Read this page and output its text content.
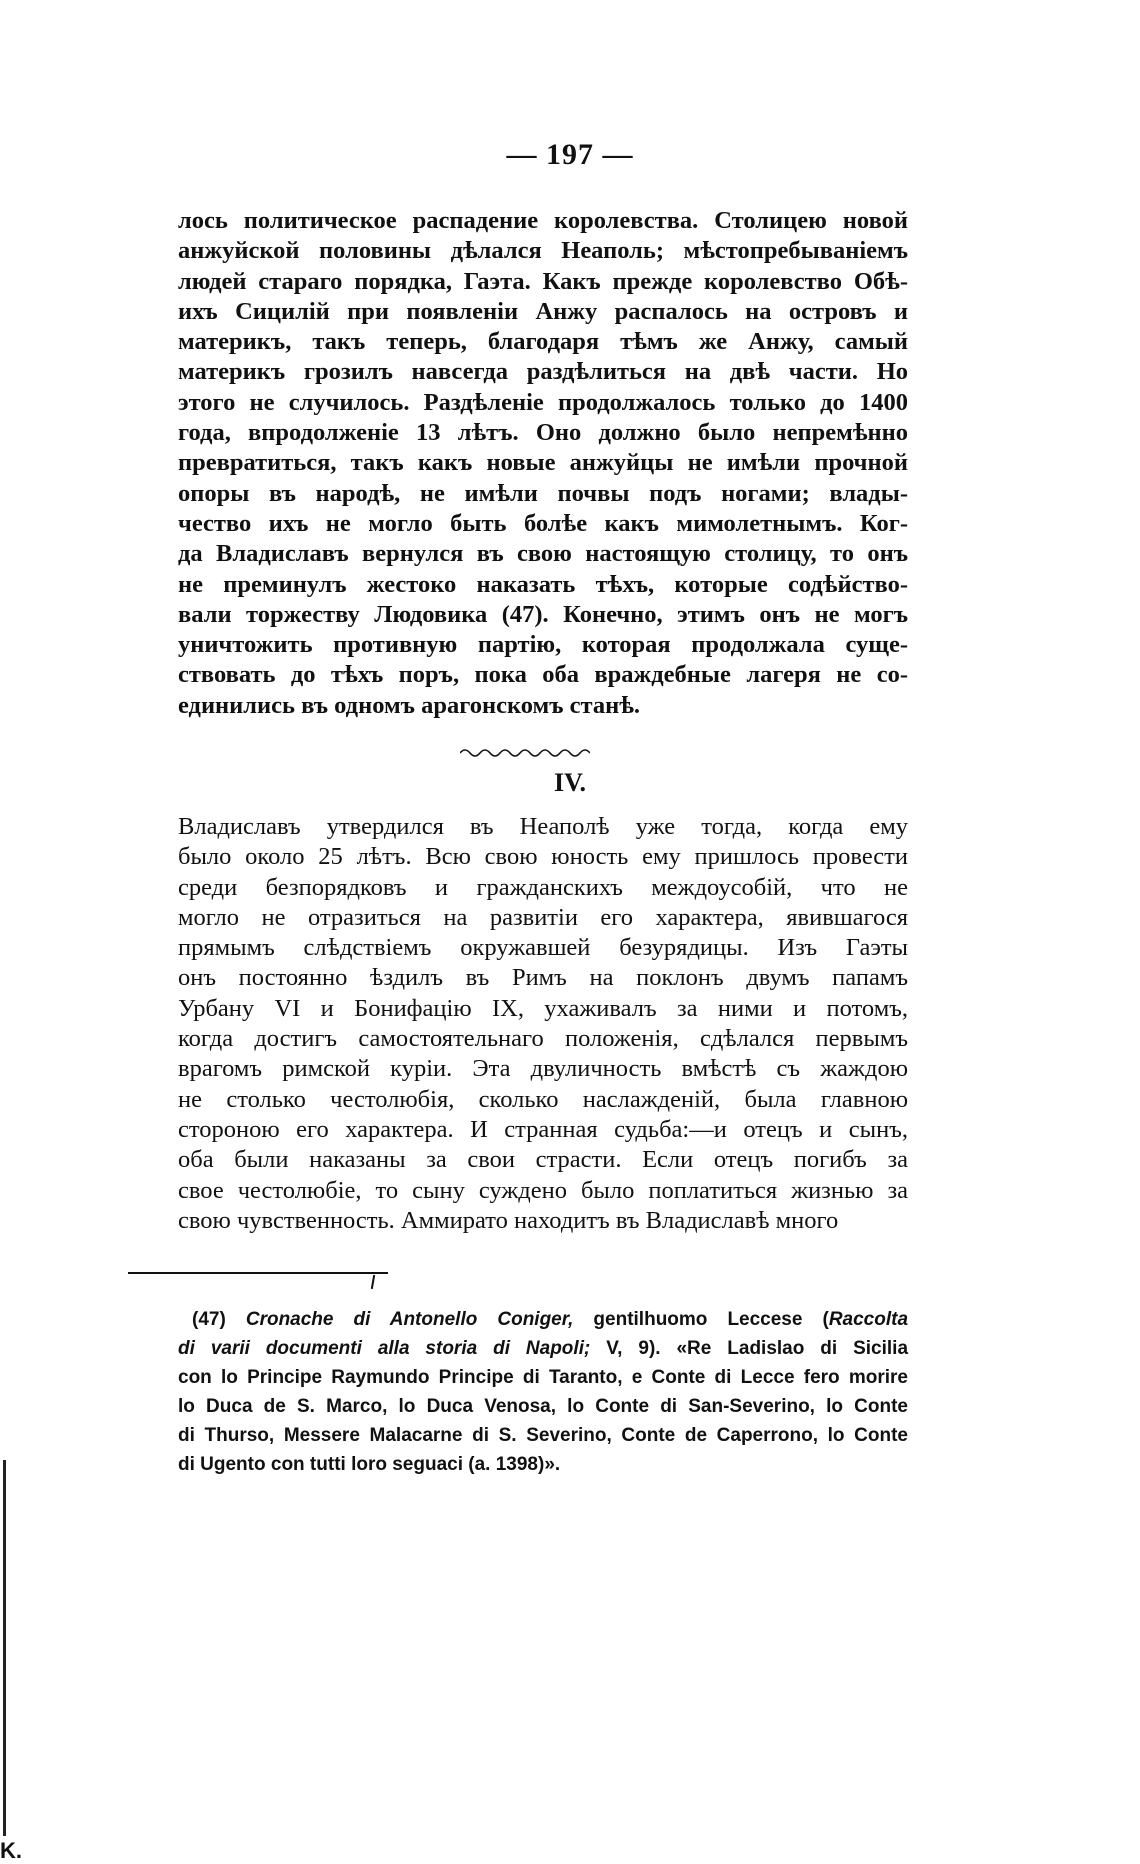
— 197 —

лось политическое распадение королевства. Столицею новой

анжуйской половины дѣлался Неаполь; мѣстопребываніемъ

людей стараго порядка, Гаэта. Какъ прежде королевство Обѣ-

ихъ Сицилій при появленіи Анжу распалось на островъ и

материкъ, такъ теперь, благодаря тѣмъ же Анжу, самый

материкъ грозилъ навсегда раздѣлиться на двѣ части. Но

этого не случилось. Раздѣленіе продолжалось только до 1400

года, впродолженіе 13 лѣтъ. Оно должно было непремѣнно

превратиться, такъ какъ новые анжуйцы не имѣли прочной

опоры въ народѣ, не имѣли почвы подъ ногами; влады-

чество ихъ не могло быть болѣе какъ мимолетнымъ. Ког-

да Владиславъ вернулся въ свою настоящую столицу, то онъ

не преминулъ жестоко наказать тѣхъ, которые содѣйство-

вали торжеству Людовика (47). Конечно, этимъ онъ не могъ

уничтожить противную партію, которая продолжала суще-

ствовать до тѣхъ поръ, пока оба враждебные лагеря не со-

единились въ одномъ арагонскомъ станѣ.

IV.

Владиславъ утвердился въ Неаполѣ уже тогда, когда ему

было около 25 лѣтъ. Всю свою юность ему пришлось провести

среди безпорядковъ и гражданскихъ междоусобій, что не

могло не отразиться на развитіи его характера, явившагося

прямымъ слѣдствіемъ окружавшей безурядицы. Изъ Гаэты

онъ постоянно ѣздилъ въ Римъ на поклонъ двумъ папамъ

Урбану VI и Бонифацію IX, ухаживалъ за ними и потомъ,

когда достигъ самостоятельнаго положенія, сдѣлался первымъ

врагомъ римской куріи. Эта двуличность вмѣстѣ съ жаждою

не столько честолюбія, сколько наслажденій, была главною

стороною его характера. И странная судьба:—и отецъ и сынъ,

оба были наказаны за свои страсти. Если отецъ погибъ за

свое честолюбіе, то сыну суждено было поплатиться жизнью за

свою чувственность. Аммирато находитъ въ Владиславѣ много

(47) Cronache di Antonello Coniger, gentilhuomo Leccese (Raccolta

di varii documenti alla storia di Napoli; V, 9). «Re Ladislao di Sicilia

con lo Principe Raymundo Principe di Taranto, e Conte di Lecce fero morire

lo Duca de S. Marco, lo Duca Venosa, lo Conte di San-Severino, lo Conte

di Thurso, Messere Malacarne di S. Severino, Conte de Caperrono, lo Conte

di Ugento con tutti loro seguaci (a. 1398)».

K.
